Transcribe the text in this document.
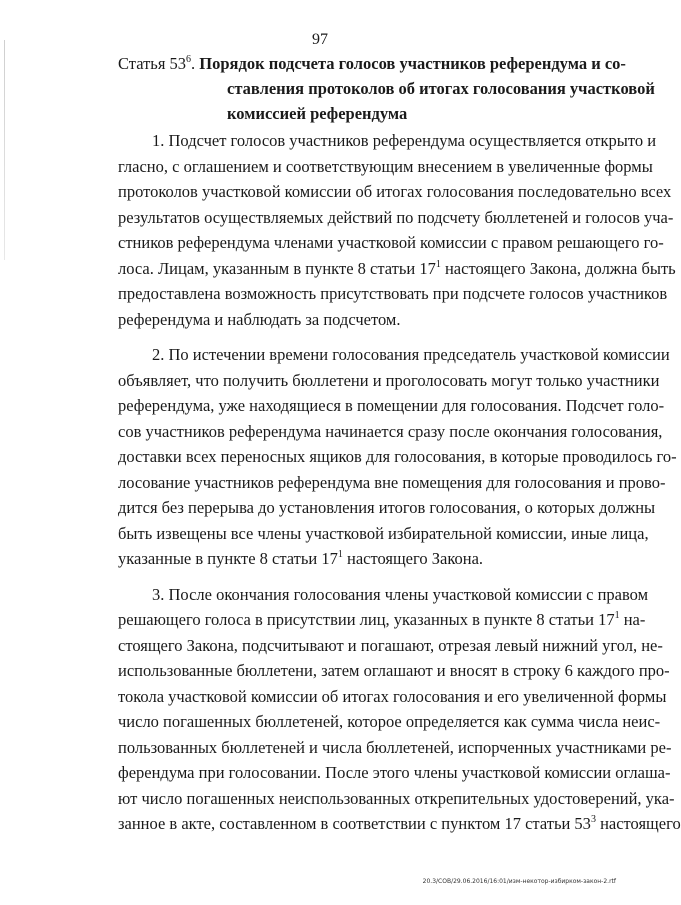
97
Статья $53^6$. Порядок подсчета голосов участников референдума и со-
ставления протоколов об итогах голосования участковой
комиссией референдума
1. Подсчет голосов участников референдума осуществляется открыто и
гласно, с оглашением и соответствующим внесением в увеличенные формы
протоколов участковой комиссии об итогах голосования последовательно всех
результатов осуществляемых действий по подсчету бюллетеней и голосов уча-
стников референдума членами участковой комиссии с правом решающего го-
лоса. Лицам, указанным в пункте 8 статьи $17^1$ настоящего Закона, должна быть
предоставлена возможность присутствовать при подсчете голосов участников
референдума и наблюдать за подсчетом.
2. По истечении времени голосования председатель участковой комиссии
объявляет, что получить бюллетени и проголосовать могут только участники
референдума, уже находящиеся в помещении для голосования. Подсчет голо-
сов участников референдума начинается сразу после окончания голосования,
доставки всех переносных ящиков для голосования, в которые проводилось го-
лосование участников референдума вне помещения для голосования и прово-
дится без перерыва до установления итогов голосования, о которых должны
быть извещены все члены участковой избирательной комиссии, иные лица,
указанные в пункте 8 статьи $17^1$ настоящего Закона.
3. После окончания голосования члены участковой комиссии с правом
решающего голоса в присутствии лиц, указанных в пункте 8 статьи $17^1$ на-
стоящего Закона, подсчитывают и погашают, отрезая левый нижний угол, не-
использованные бюллетени, затем оглашают и вносят в строку 6 каждого про-
токола участковой комиссии об итогах голосования и его увеличенной формы
число погашенных бюллетеней, которое определяется как сумма числа неис-
пользованных бюллетеней и числа бюллетеней, испорченных участниками ре-
ферендума при голосовании. После этого члены участковой комиссии оглаша-
ют число погашенных неиспользованных открепительных удостоверений, ука-
занное в акте, составленном в соответствии с пунктом 17 статьи $53^3$ настоящего
20.3/СОВ/29.06.2016/16:01/изм-некотор-избирком-закон-2.rtf
